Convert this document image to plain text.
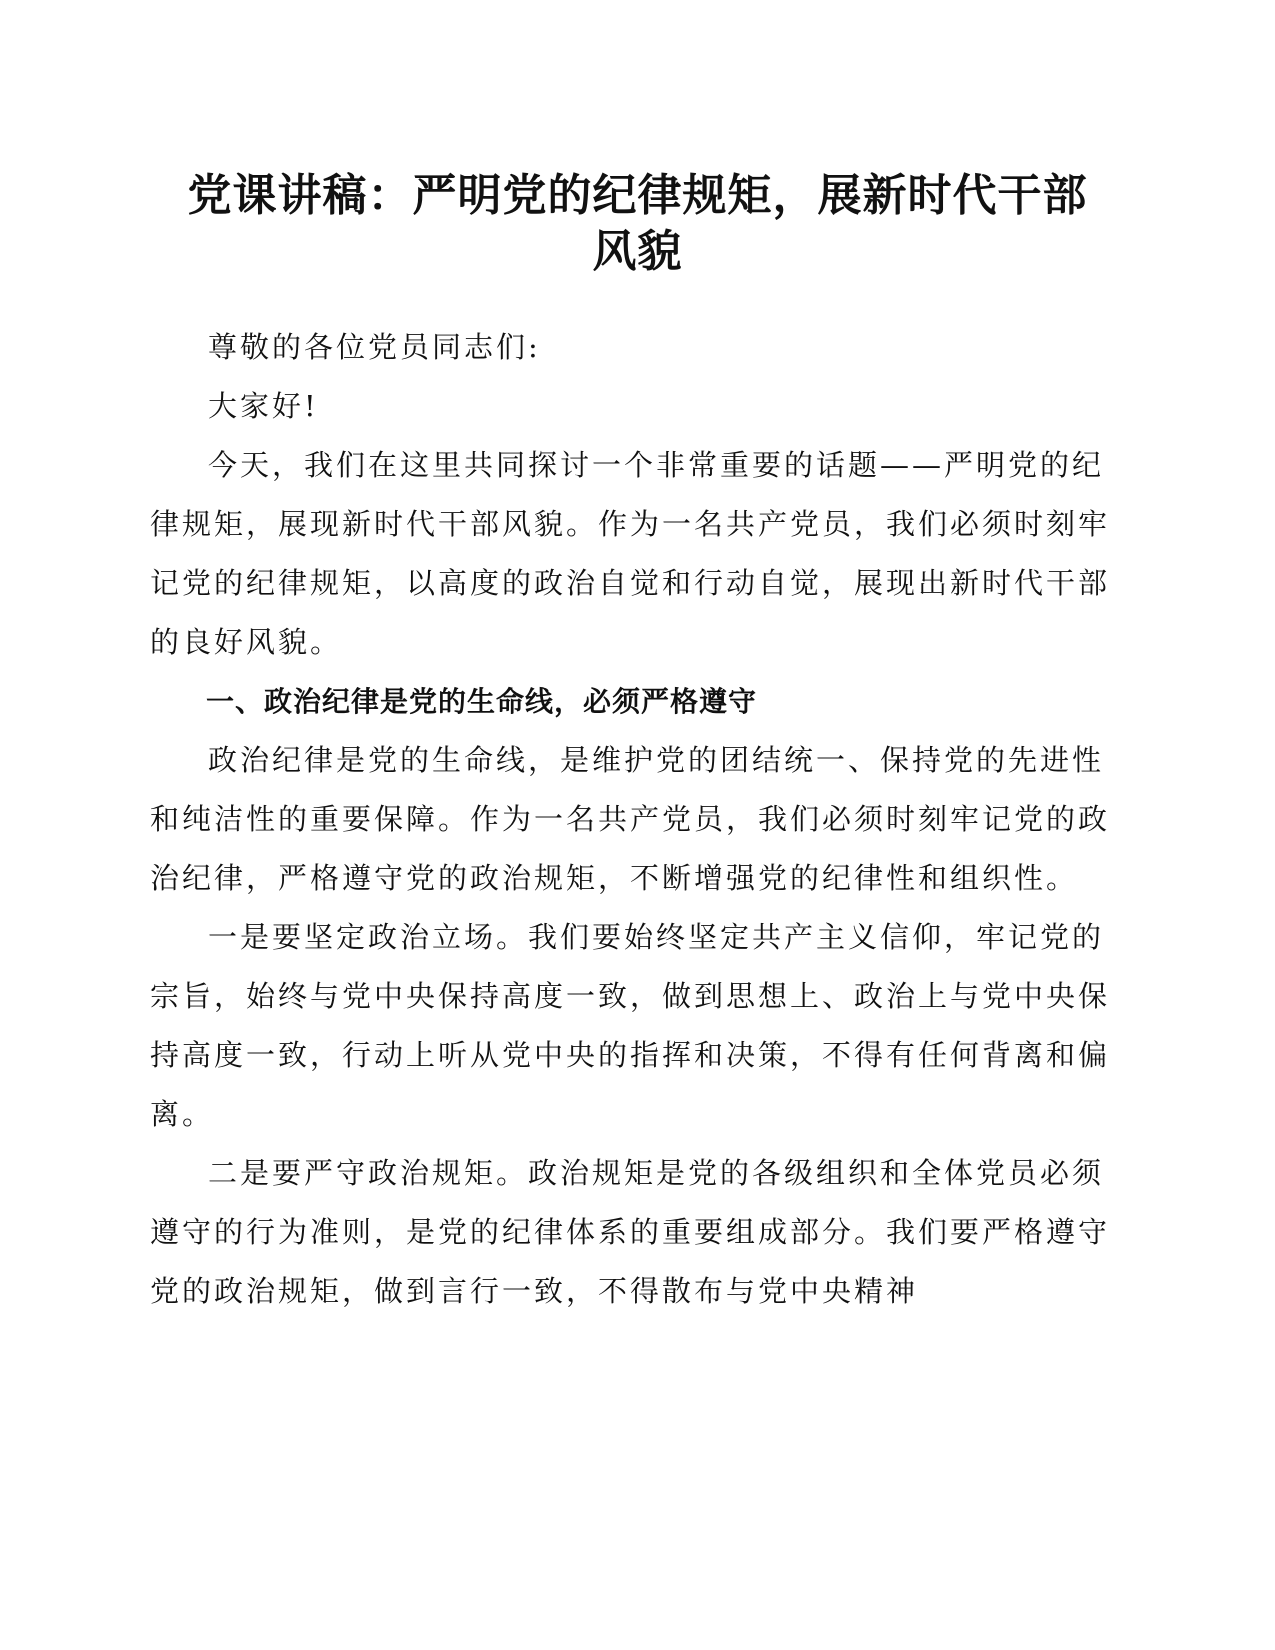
党课讲稿：严明党的纪律规矩，展新时代干部
风貌

尊敬的各位党员同志们:

大家好!

今天，我们在这里共同探讨一个非常重要的话题——严明党的纪律规矩，展现新时代干部风貌。作为一名共产党员，我们必须时刻牢记党的纪律规矩，以高度的政治自觉和行动自觉，展现出新时代干部的良好风貌。

一、政治纪律是党的生命线，必须严格遵守

政治纪律是党的生命线，是维护党的团结统一、保持党的先进性和纯洁性的重要保障。作为一名共产党员，我们必须时刻牢记党的政治纪律，严格遵守党的政治规矩，不断增强党的纪律性和组织性。

一是要坚定政治立场。我们要始终坚定共产主义信仰，牢记党的宗旨，始终与党中央保持高度一致，做到思想上、政治上与党中央保持高度一致，行动上听从党中央的指挥和决策，不得有任何背离和偏离。

二是要严守政治规矩。政治规矩是党的各级组织和全体党员必须遵守的行为准则，是党的纪律体系的重要组成部分。我们要严格遵守党的政治规矩，做到言行一致，不得散布与党中央精神
